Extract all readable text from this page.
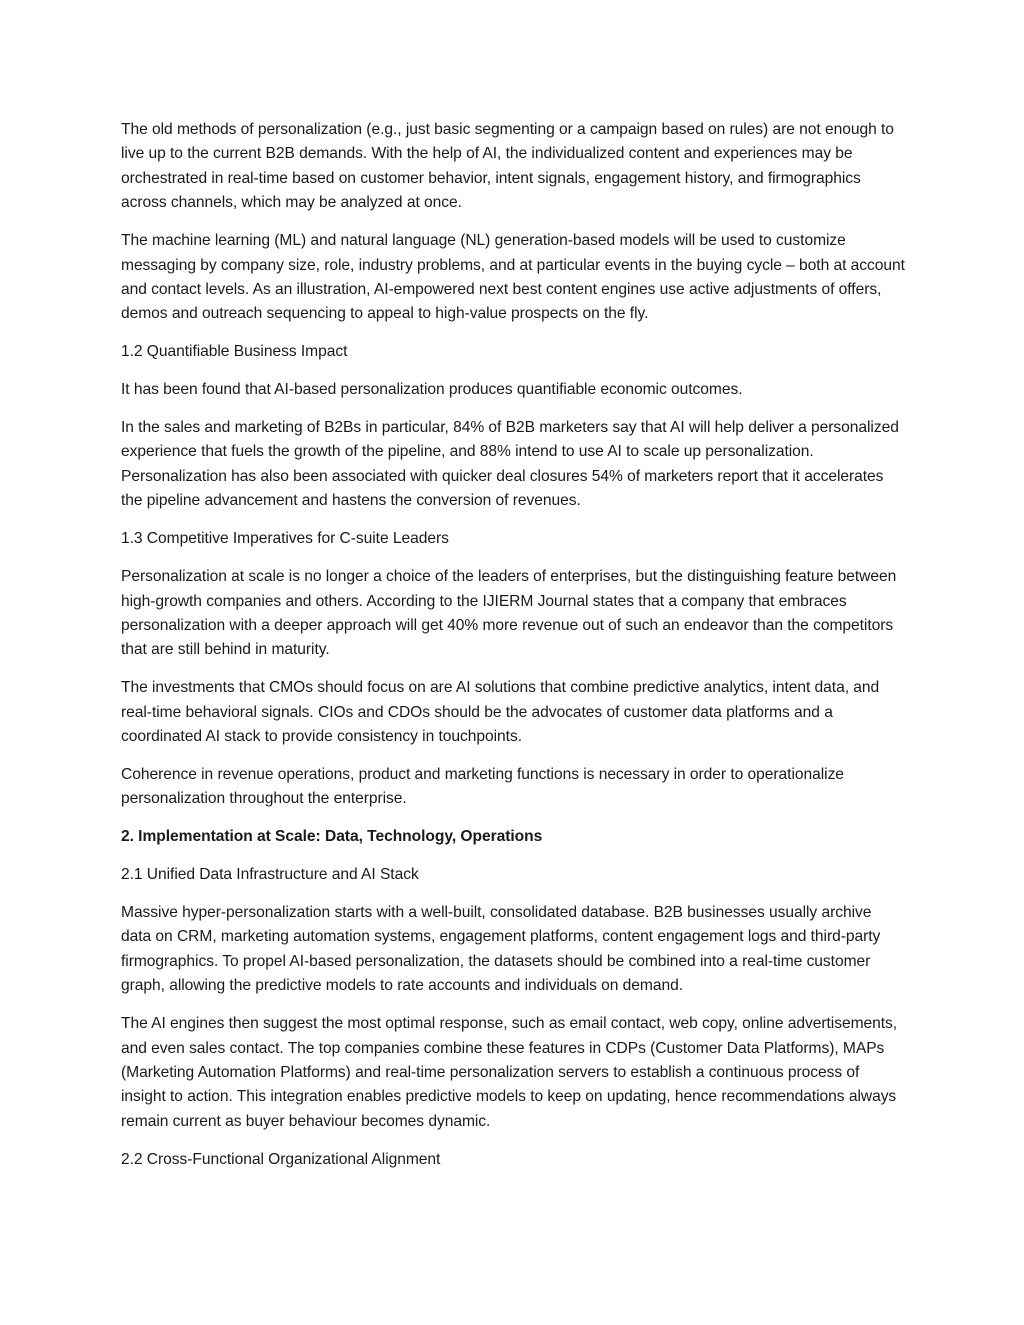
The old methods of personalization (e.g., just basic segmenting or a campaign based on rules) are not enough to live up to the current B2B demands. With the help of AI, the individualized content and experiences may be orchestrated in real-time based on customer behavior, intent signals, engagement history, and firmographics across channels, which may be analyzed at once.

The machine learning (ML) and natural language (NL) generation-based models will be used to customize messaging by company size, role, industry problems, and at particular events in the buying cycle – both at account and contact levels. As an illustration, AI-empowered next best content engines use active adjustments of offers, demos and outreach sequencing to appeal to high-value prospects on the fly.

1.2 Quantifiable Business Impact

It has been found that AI-based personalization produces quantifiable economic outcomes.

In the sales and marketing of B2Bs in particular, 84% of B2B marketers say that AI will help deliver a personalized experience that fuels the growth of the pipeline, and 88% intend to use AI to scale up personalization. Personalization has also been associated with quicker deal closures 54% of marketers report that it accelerates the pipeline advancement and hastens the conversion of revenues.

1.3 Competitive Imperatives for C-suite Leaders

Personalization at scale is no longer a choice of the leaders of enterprises, but the distinguishing feature between high-growth companies and others. According to the IJIERM Journal states that a company that embraces personalization with a deeper approach will get 40% more revenue out of such an endeavor than the competitors that are still behind in maturity.

The investments that CMOs should focus on are AI solutions that combine predictive analytics, intent data, and real-time behavioral signals. CIOs and CDOs should be the advocates of customer data platforms and a coordinated AI stack to provide consistency in touchpoints.

Coherence in revenue operations, product and marketing functions is necessary in order to operationalize personalization throughout the enterprise.

2. Implementation at Scale: Data, Technology, Operations

2.1 Unified Data Infrastructure and AI Stack

Massive hyper-personalization starts with a well-built, consolidated database. B2B businesses usually archive data on CRM, marketing automation systems, engagement platforms, content engagement logs and third-party firmographics. To propel AI-based personalization, the datasets should be combined into a real-time customer graph, allowing the predictive models to rate accounts and individuals on demand.

The AI engines then suggest the most optimal response, such as email contact, web copy, online advertisements, and even sales contact. The top companies combine these features in CDPs (Customer Data Platforms), MAPs (Marketing Automation Platforms) and real-time personalization servers to establish a continuous process of insight to action. This integration enables predictive models to keep on updating, hence recommendations always remain current as buyer behaviour becomes dynamic.

2.2 Cross-Functional Organizational Alignment
